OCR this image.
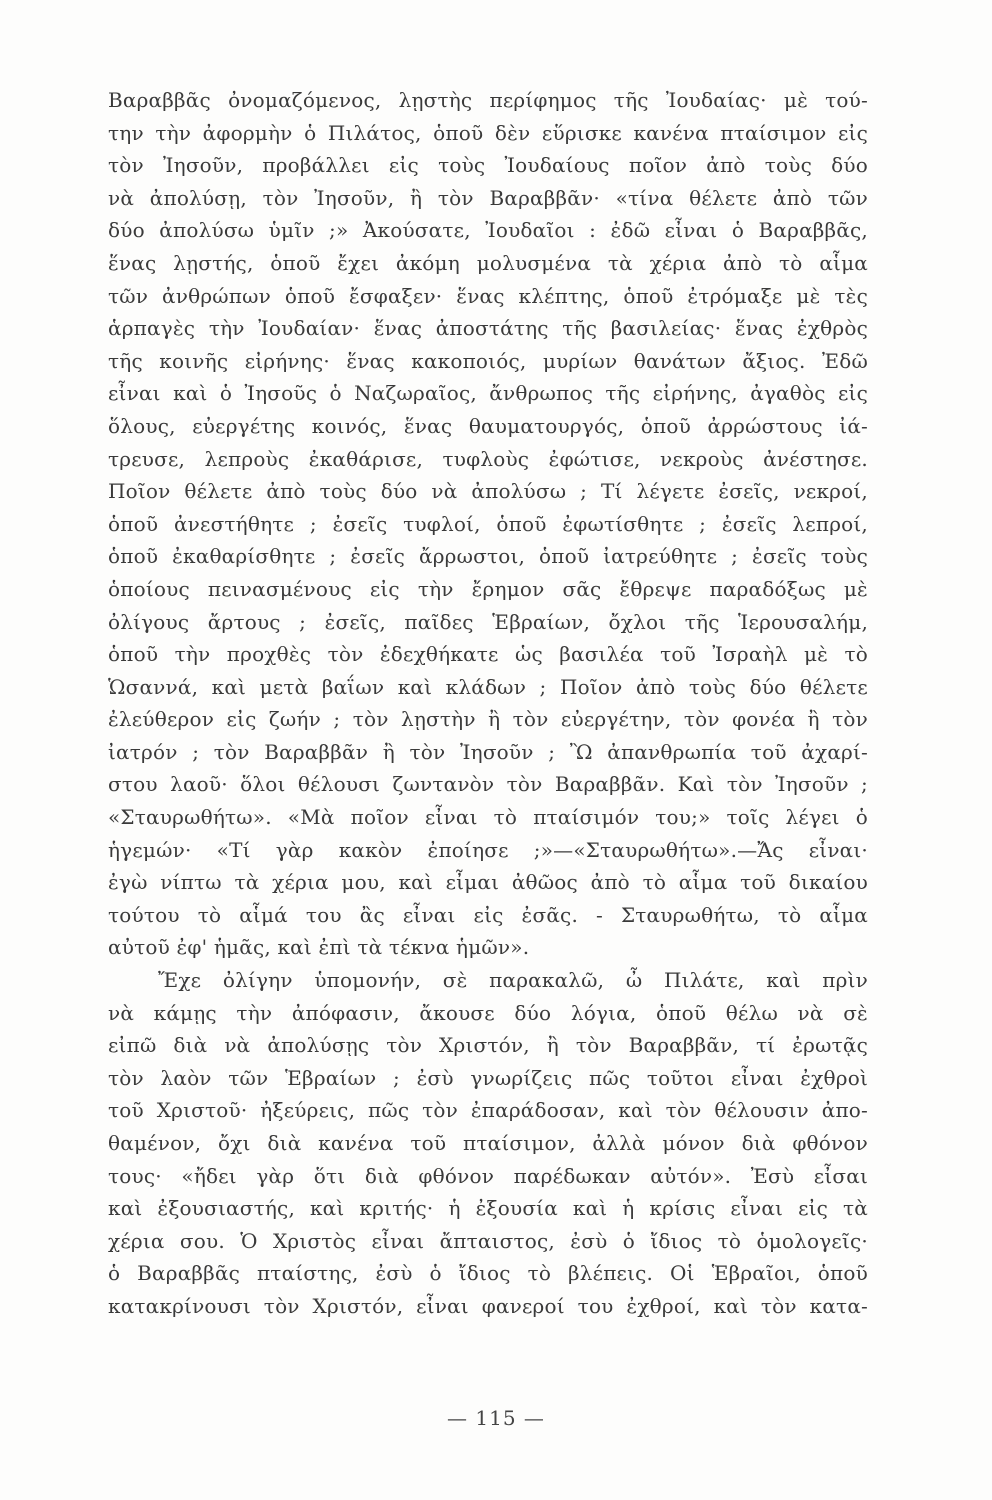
Βαραββᾶς ὀνομαζόμενος, λῃστὴς περίφημος τῆς Ἰουδαίας· μὲ τού-
την τὴν ἀφορμὴν ὁ Πιλάτος, ὁποῦ δὲν εὕρισκε κανένα πταίσιμον εἰς
τὸν Ἰησοῦν, προβάλλει εἰς τοὺς Ἰουδαίους ποῖον ἀπὸ τοὺς δύο
νὰ ἀπολύσῃ, τὸν Ἰησοῦν, ἢ τὸν Βαραββᾶν· «τίνα θέλετε ἀπὸ τῶν
δύο ἀπολύσω ὑμῖν ;» Ἀκούσατε, Ἰουδαῖοι : ἐδῶ εἶναι ὁ Βαραββᾶς,
ἕνας λῃστής, ὁποῦ ἔχει ἀκόμη μολυσμένα τὰ χέρια ἀπὸ τὸ αἷμα
τῶν ἀνθρώπων ὁποῦ ἔσφαξεν· ἕνας κλέπτης, ὁποῦ ἐτρόμαξε μὲ τὲς
ἁρπαγὲς τὴν Ἰουδαίαν· ἕνας ἀποστάτης τῆς βασιλείας· ἕνας ἐχθρὸς
τῆς κοινῆς εἰρήνης· ἕνας κακοποιός, μυρίων θανάτων ἄξιος. Ἐδῶ
εἶναι καὶ ὁ Ἰησοῦς ὁ Ναζωραῖος, ἄνθρωπος τῆς εἰρήνης, ἀγαθὸς εἰς
ὅλους, εὐεργέτης κοινός, ἕνας θαυματουργός, ὁποῦ ἀρρώστους ἰά-
τρευσε, λεπροὺς ἐκαθάρισε, τυφλοὺς ἐφώτισε, νεκροὺς ἀνέστησε.
Ποῖον θέλετε ἀπὸ τοὺς δύο νὰ ἀπολύσω ; Τί λέγετε ἐσεῖς, νεκροί,
ὁποῦ ἀνεστήθητε ; ἐσεῖς τυφλοί, ὁποῦ ἐφωτίσθητε ; ἐσεῖς λεπροί,
ὁποῦ ἐκαθαρίσθητε ; ἐσεῖς ἄρρωστοι, ὁποῦ ἰατρεύθητε ; ἐσεῖς τοὺς
ὁποίους πεινασμένους εἰς τὴν ἔρημον σᾶς ἔθρεψε παραδόξως μὲ
ὀλίγους ἄρτους ; ἐσεῖς, παῖδες Ἑβραίων, ὄχλοι τῆς Ἱερουσαλήμ,
ὁποῦ τὴν προχθὲς τὸν ἐδεχθήκατε ὡς βασιλέα τοῦ Ἰσραὴλ μὲ τὸ
Ὡσαννά, καὶ μετὰ βαΐων καὶ κλάδων ; Ποῖον ἀπὸ τοὺς δύο θέλετε
ἐλεύθερον εἰς ζωήν ; τὸν λῃστὴν ἢ τὸν εὐεργέτην, τὸν φονέα ἢ τὸν
ἰατρόν ; τὸν Βαραββᾶν ἢ τὸν Ἰησοῦν ; Ὢ ἀπανθρωπία τοῦ ἀχαρί-
στου λαοῦ· ὅλοι θέλουσι ζωντανὸν τὸν Βαραββᾶν. Καὶ τὸν Ἰησοῦν ;
«Σταυρωθήτω». «Μὰ ποῖον εἶναι τὸ πταίσιμόν του;» τοῖς λέγει ὁ
ἡγεμών· «Τί γὰρ κακὸν ἐποίησε ;»—«Σταυρωθήτω».—Ἄς εἶναι·
ἐγὼ νίπτω τὰ χέρια μου, καὶ εἶμαι ἀθῶος ἀπὸ τὸ αἷμα τοῦ δικαίου
τούτου τὸ αἷμά του ἂς εἶναι εἰς ἐσᾶς. - Σταυρωθήτω, τὸ αἷμα
αὐτοῦ ἐφ' ἡμᾶς, καὶ ἐπὶ τὰ τέκνα ἡμῶν».
Ἔχε ὀλίγην ὑπομονήν, σὲ παρακαλῶ, ὦ Πιλάτε, καὶ πρὶν
νὰ κάμῃς τὴν ἀπόφασιν, ἄκουσε δύο λόγια, ὁποῦ θέλω νὰ σὲ
εἰπῶ διὰ νὰ ἀπολύσῃς τὸν Χριστόν, ἢ τὸν Βαραββᾶν, τί ἐρωτᾷς
τὸν λαὸν τῶν Ἑβραίων ; ἐσὺ γνωρίζεις πῶς τοῦτοι εἶναι ἐχθροὶ
τοῦ Χριστοῦ· ἠξεύρεις, πῶς τὸν ἐπαράδοσαν, καὶ τὸν θέλουσιν ἀπο-
θαμένον, ὄχι διὰ κανένα τοῦ πταίσιμον, ἀλλὰ μόνον διὰ φθόνον
τους· «ἤδει γὰρ ὅτι διὰ φθόνον παρέδωκαν αὐτόν». Ἐσὺ εἶσαι
καὶ ἐξουσιαστής, καὶ κριτής· ἡ ἐξουσία καὶ ἡ κρίσις εἶναι εἰς τὰ
χέρια σου. Ὁ Χριστὸς εἶναι ἄπταιστος, ἐσὺ ὁ ἴδιος τὸ ὁμολογεῖς·
ὁ Βαραββᾶς πταίστης, ἐσὺ ὁ ἴδιος τὸ βλέπεις. Οἱ Ἑβραῖοι, ὁποῦ
κατακρίνουσι τὸν Χριστόν, εἶναι φανεροί του ἐχθροί, καὶ τὸν κατα-
— 115 —
